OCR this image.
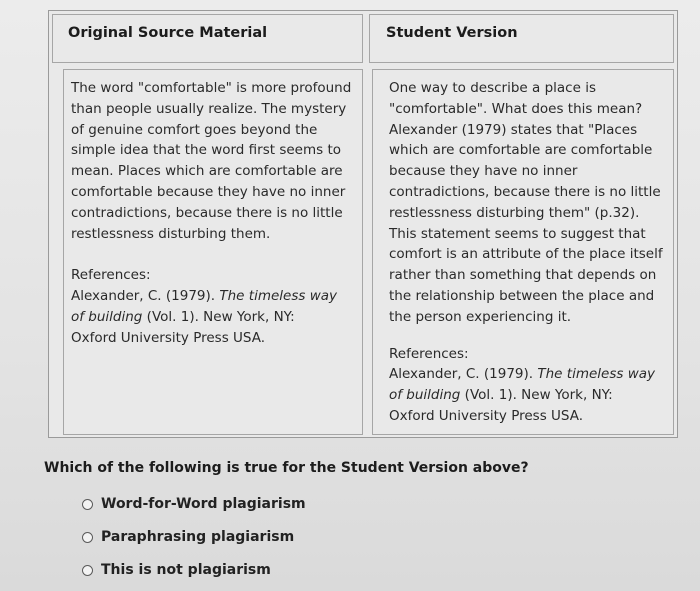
Original Source Material	Student Version

The word "comfortable" is more profound
than people usually realize. The mystery
of genuine comfort goes beyond the
simple idea that the word first seems to
mean. Places which are comfortable are
comfortable because they have no inner
contradictions, because there is no little
restlessness disturbing them.

References:
Alexander, C. (1979). The timeless way
of building (Vol. 1). New York, NY:
Oxford University Press USA.

One way to describe a place is
"comfortable". What does this mean?
Alexander (1979) states that "Places
which are comfortable are comfortable
because they have no inner
contradictions, because there is no little
restlessness disturbing them" (p.32).
This statement seems to suggest that
comfort is an attribute of the place itself
rather than something that depends on
the relationship between the place and
the person experiencing it.

References:
Alexander, C. (1979). The timeless way
of building (Vol. 1). New York, NY:
Oxford University Press USA.
Which of the following is true for the Student Version above?
Word-for-Word plagiarism
Paraphrasing plagiarism
This is not plagiarism
